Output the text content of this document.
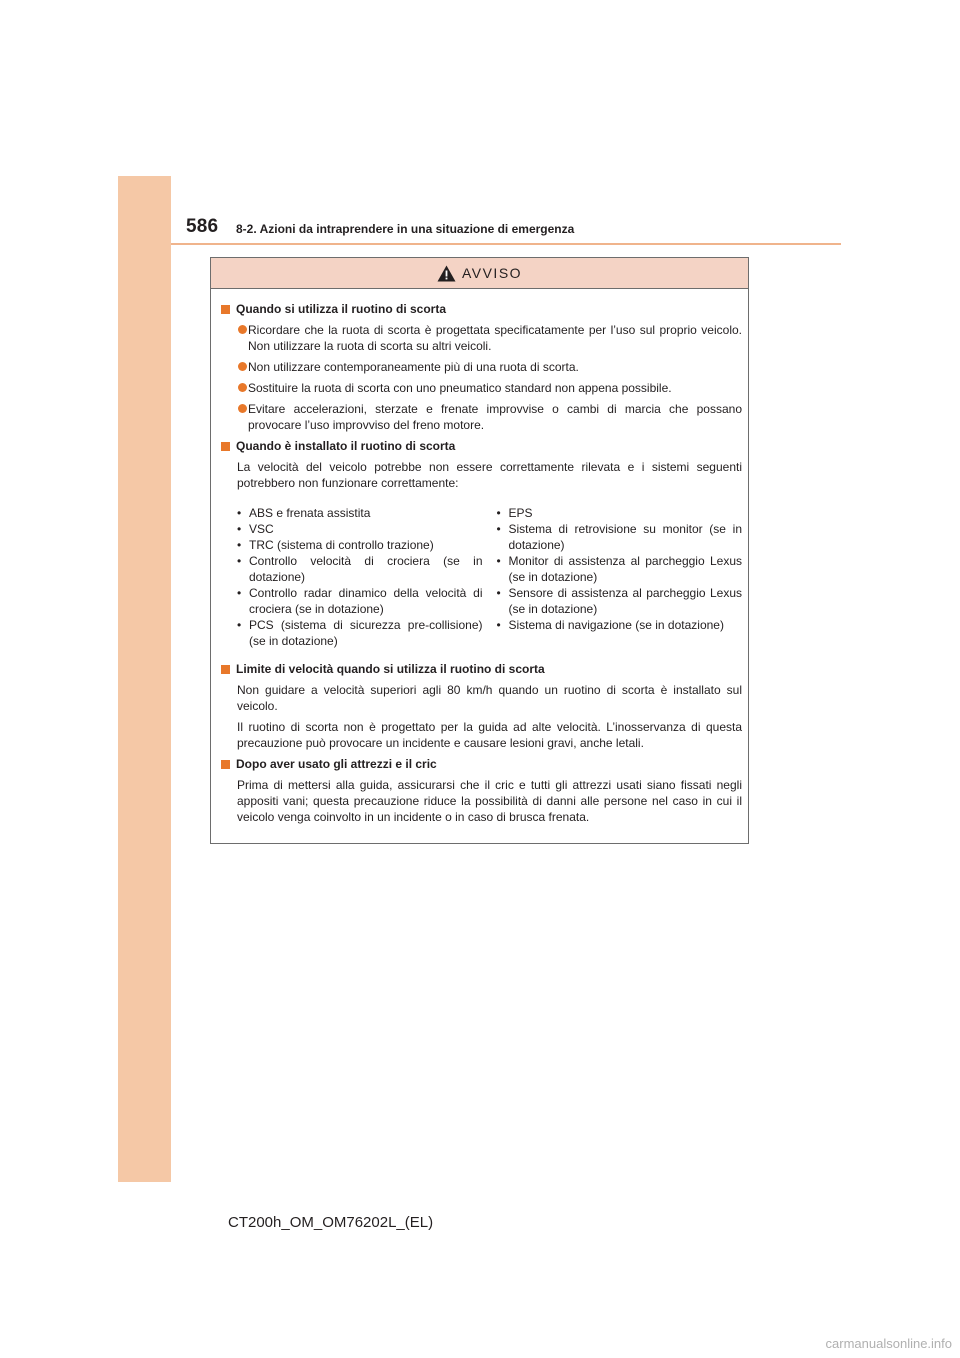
586 8-2. Azioni da intraprendere in una situazione di emergenza
AVVISO
Quando si utilizza il ruotino di scorta
Ricordare che la ruota di scorta è progettata specificatamente per l’uso sul proprio veicolo. Non utilizzare la ruota di scorta su altri veicoli.
Non utilizzare contemporaneamente più di una ruota di scorta.
Sostituire la ruota di scorta con uno pneumatico standard non appena possibile.
Evitare accelerazioni, sterzate e frenate improvvise o cambi di marcia che possano provocare l’uso improvviso del freno motore.
Quando è installato il ruotino di scorta
La velocità del veicolo potrebbe non essere correttamente rilevata e i sistemi seguenti potrebbero non funzionare correttamente:
• ABS e frenata assistita
• VSC
• TRC (sistema di controllo trazione)
• Controllo velocità di crociera (se in dotazione)
• Controllo radar dinamico della velocità di crociera (se in dotazione)
• PCS (sistema di sicurezza pre-collisione) (se in dotazione)
• EPS
• Sistema di retrovisione su monitor (se in dotazione)
• Monitor di assistenza al parcheggio Lexus (se in dotazione)
• Sensore di assistenza al parcheggio Lexus (se in dotazione)
• Sistema di navigazione (se in dotazione)
Limite di velocità quando si utilizza il ruotino di scorta
Non guidare a velocità superiori agli 80 km/h quando un ruotino di scorta è installato sul veicolo.
Il ruotino di scorta non è progettato per la guida ad alte velocità. L’inosservanza di questa precauzione può provocare un incidente e causare lesioni gravi, anche letali.
Dopo aver usato gli attrezzi e il cric
Prima di mettersi alla guida, assicurarsi che il cric e tutti gli attrezzi usati siano fissati negli appositi vani; questa precauzione riduce la possibilità di danni alle persone nel caso in cui il veicolo venga coinvolto in un incidente o in caso di brusca frenata.
CT200h_OM_OM76202L_(EL)
carmanualsonline.info
